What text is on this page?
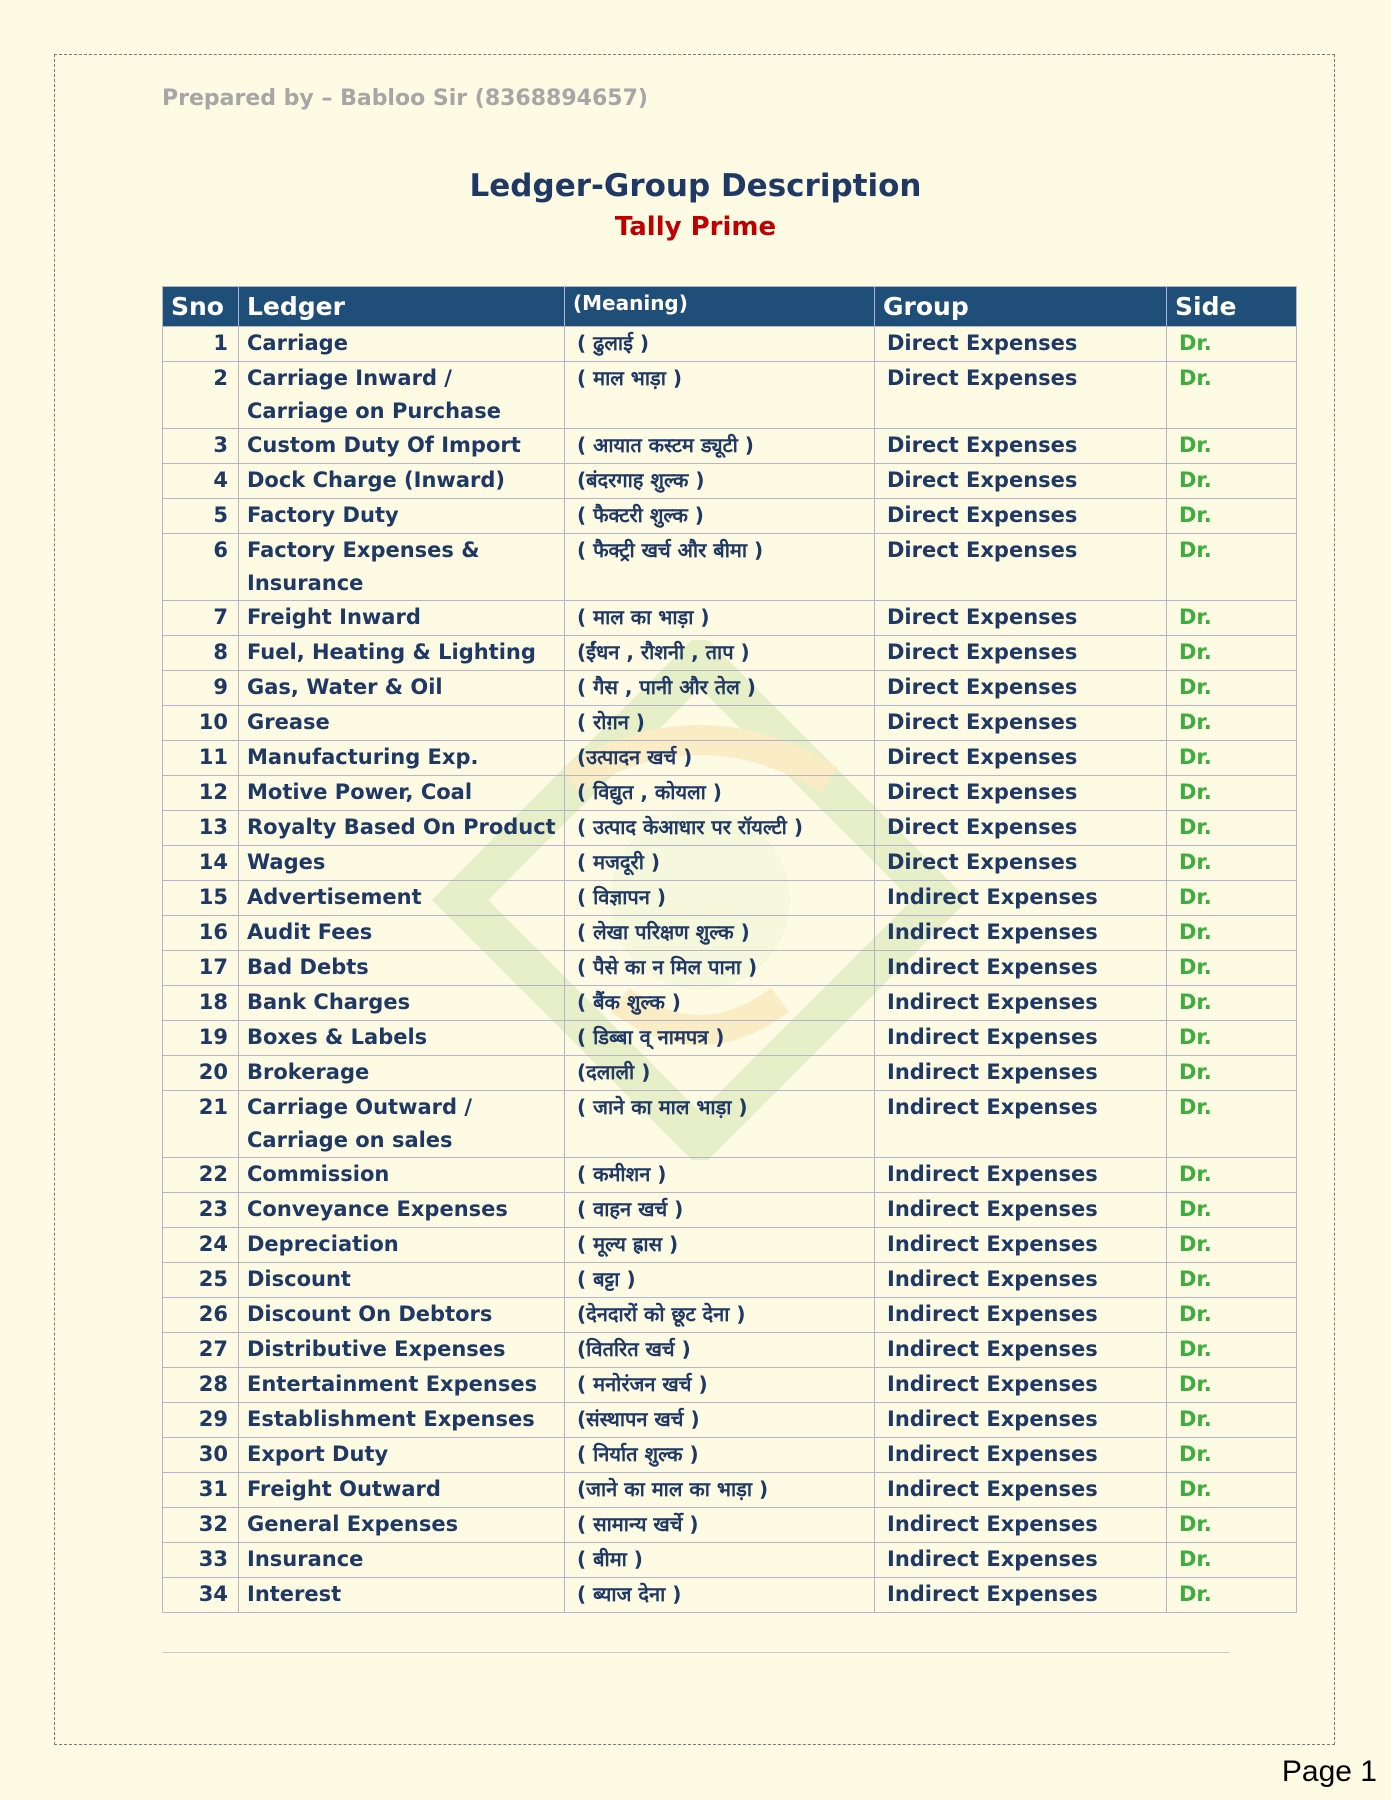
Prepared by – Babloo Sir (8368894657)
Ledger-Group Description
Tally Prime
Sno	Ledger	(Meaning)	Group	Side
1	Carriage	( ढुलाई )	Direct Expenses	Dr.
2	Carriage Inward / Carriage on Purchase	( माल भाड़ा )	Direct Expenses	Dr.
3	Custom Duty Of Import	( आयात कस्टम ड्यूटी )	Direct Expenses	Dr.
4	Dock Charge (Inward)	(बंदरगाह शुल्क )	Direct Expenses	Dr.
5	Factory Duty	( फैक्टरी शुल्क )	Direct Expenses	Dr.
6	Factory Expenses & Insurance	( फैक्ट्री खर्च और बीमा )	Direct Expenses	Dr.
7	Freight Inward	( माल का भाड़ा )	Direct Expenses	Dr.
8	Fuel, Heating & Lighting	(ईंधन , रौशनी , ताप )	Direct Expenses	Dr.
9	Gas, Water & Oil	( गैस , पानी और तेल )	Direct Expenses	Dr.
10	Grease	( रोग़न )	Direct Expenses	Dr.
11	Manufacturing Exp.	(उत्पादन खर्च )	Direct Expenses	Dr.
12	Motive Power, Coal	( विद्युत , कोयला )	Direct Expenses	Dr.
13	Royalty Based On Product	( उत्पाद केआधार पर रॉयल्टी )	Direct Expenses	Dr.
14	Wages	( मजदूरी )	Direct Expenses	Dr.
15	Advertisement	( विज्ञापन )	Indirect Expenses	Dr.
16	Audit Fees	( लेखा परिक्षण शुल्क )	Indirect Expenses	Dr.
17	Bad Debts	( पैसे का न मिल पाना )	Indirect Expenses	Dr.
18	Bank Charges	( बैंक शुल्क )	Indirect Expenses	Dr.
19	Boxes & Labels	( डिब्बा व् नामपत्र )	Indirect Expenses	Dr.
20	Brokerage	(दलाली )	Indirect Expenses	Dr.
21	Carriage Outward / Carriage on sales	( जाने का माल भाड़ा )	Indirect Expenses	Dr.
22	Commission	( कमीशन )	Indirect Expenses	Dr.
23	Conveyance Expenses	( वाहन खर्च )	Indirect Expenses	Dr.
24	Depreciation	( मूल्य ह्रास )	Indirect Expenses	Dr.
25	Discount	( बट्टा )	Indirect Expenses	Dr.
26	Discount On Debtors	(देनदारों को छूट देना )	Indirect Expenses	Dr.
27	Distributive Expenses	(वितरित खर्च )	Indirect Expenses	Dr.
28	Entertainment Expenses	( मनोरंजन खर्च )	Indirect Expenses	Dr.
29	Establishment Expenses	(संस्थापन खर्च )	Indirect Expenses	Dr.
30	Export Duty	( निर्यात शुल्क )	Indirect Expenses	Dr.
31	Freight Outward	(जाने का माल का भाड़ा )	Indirect Expenses	Dr.
32	General Expenses	( सामान्य खर्चे )	Indirect Expenses	Dr.
33	Insurance	( बीमा )	Indirect Expenses	Dr.
34	Interest	( ब्याज देना )	Indirect Expenses	Dr.
Page 1
